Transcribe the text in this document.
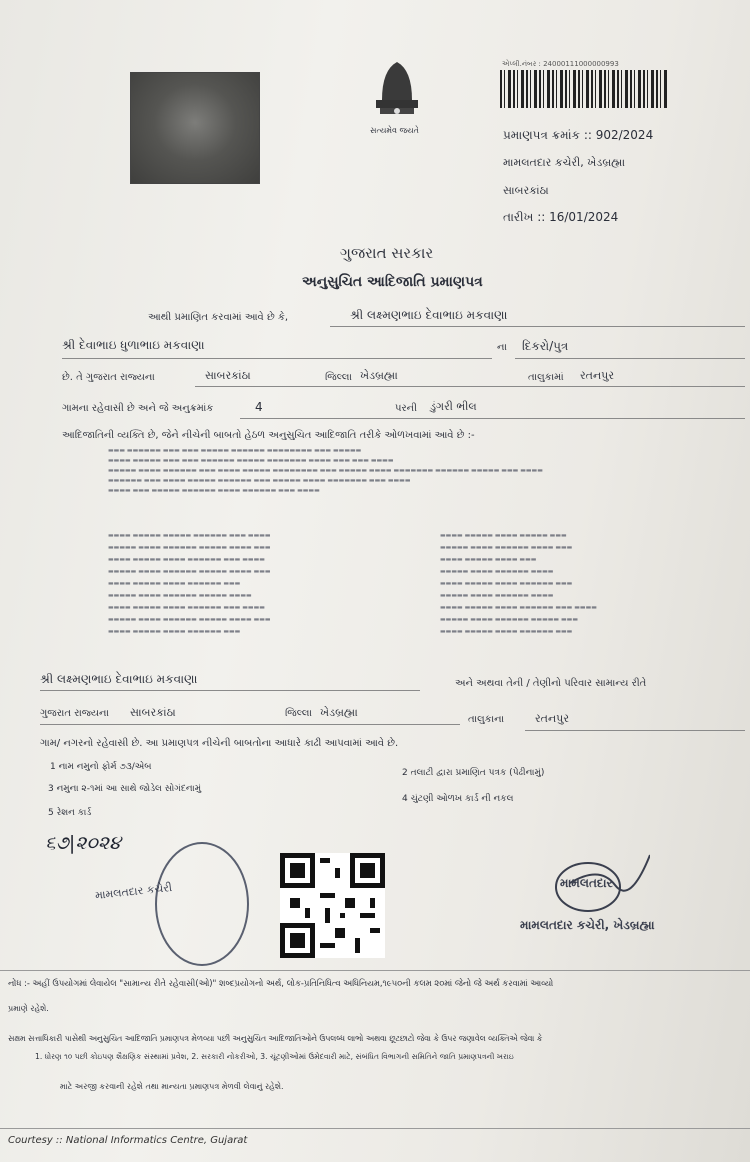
સત્યમેવ જયતે
એપ્લી.નંબર : 24000111000000993
પ્રમાણપત્ર ક્રમાંક :: 902/2024
મામલતદાર કચેરી, ખેડબ્રહ્મા
સાબરકાંઠા
તારીખ :: 16/01/2024
ગુજરાત સરકાર
અનુસુચિત આદિજાતિ પ્રમાણપત્ર
આથી પ્રમાણિત કરવામાં આવે છે કે,	શ્રી લક્ષ્મણભાઇ દેવાભાઇ મકવાણા
શ્રી દેવાભાઇ ધુળાભાઇ મકવાણા	ના દિકરો/પુત્ર
છે. તે ગુજરાત રાજ્યના	સાબરકાંઠા	જિલ્લા ખેડબ્રહ્મા	તાલુકામાં રતનપુર
ગામના રહેવાસી છે અને જે અનુક્રમાંક	4	પરની ડુંગરી ભીલ
આદિજાતિની વ્યક્તિ છે, જેને નીચેની બાબતો હેઠળ અનુસુચિત આદિજાતિ તરીકે ઓળખવામાં આવે છે :-
▬▬▬ ▬▬▬▬▬▬ ▬▬▬ ▬▬▬ ▬▬▬▬▬ ▬▬▬▬▬▬ ▬▬▬▬▬▬▬▬ ▬▬▬ ▬▬▬▬▬
▬▬▬▬ ▬▬▬▬▬ ▬▬▬ ▬▬▬ ▬▬▬▬▬▬ ▬▬▬▬▬ ▬▬▬▬▬▬▬ ▬▬▬▬ ▬▬▬ ▬▬▬ ▬▬▬▬
▬▬▬▬▬ ▬▬▬▬ ▬▬▬▬▬▬ ▬▬▬ ▬▬▬▬ ▬▬▬▬▬ ▬▬▬▬▬▬▬▬ ▬▬▬ ▬▬▬▬▬ ▬▬▬▬ ▬▬▬▬▬▬▬ ▬▬▬▬▬▬ ▬▬▬▬▬ ▬▬▬ ▬▬▬▬
▬▬▬▬▬▬ ▬▬▬ ▬▬▬▬ ▬▬▬▬▬ ▬▬▬▬▬▬ ▬▬▬ ▬▬▬▬▬ ▬▬▬▬ ▬▬▬▬▬▬▬ ▬▬▬ ▬▬▬▬
▬▬▬▬ ▬▬▬ ▬▬▬▬▬ ▬▬▬▬▬▬ ▬▬▬▬ ▬▬▬▬▬▬ ▬▬▬ ▬▬▬▬
▬▬▬▬ ▬▬▬▬▬ ▬▬▬▬▬ ▬▬▬▬▬▬ ▬▬▬ ▬▬▬▬
▬▬▬▬▬ ▬▬▬▬ ▬▬▬▬▬▬ ▬▬▬▬▬ ▬▬▬▬ ▬▬▬
▬▬▬▬ ▬▬▬▬▬ ▬▬▬▬ ▬▬▬▬▬▬ ▬▬▬ ▬▬▬▬
▬▬▬▬▬ ▬▬▬▬ ▬▬▬▬▬▬ ▬▬▬▬▬ ▬▬▬▬ ▬▬▬
▬▬▬▬ ▬▬▬▬▬ ▬▬▬▬ ▬▬▬▬▬▬ ▬▬▬
▬▬▬▬▬ ▬▬▬▬ ▬▬▬▬▬▬ ▬▬▬▬▬ ▬▬▬▬
▬▬▬▬ ▬▬▬▬▬ ▬▬▬▬ ▬▬▬▬▬▬ ▬▬▬ ▬▬▬▬
▬▬▬▬▬ ▬▬▬▬ ▬▬▬▬▬▬ ▬▬▬▬▬ ▬▬▬▬ ▬▬▬
▬▬▬▬ ▬▬▬▬▬ ▬▬▬▬ ▬▬▬▬▬▬ ▬▬▬
▬▬▬▬ ▬▬▬▬▬ ▬▬▬▬ ▬▬▬▬▬ ▬▬▬
▬▬▬▬▬ ▬▬▬▬ ▬▬▬▬▬▬ ▬▬▬▬ ▬▬▬
▬▬▬▬ ▬▬▬▬▬ ▬▬▬▬ ▬▬▬
▬▬▬▬▬ ▬▬▬▬ ▬▬▬▬▬▬ ▬▬▬▬
▬▬▬▬ ▬▬▬▬▬ ▬▬▬▬ ▬▬▬▬▬▬ ▬▬▬
▬▬▬▬▬ ▬▬▬▬ ▬▬▬▬▬▬ ▬▬▬▬
▬▬▬▬ ▬▬▬▬▬ ▬▬▬▬ ▬▬▬▬▬▬ ▬▬▬ ▬▬▬▬
▬▬▬▬▬ ▬▬▬▬ ▬▬▬▬▬▬ ▬▬▬▬▬ ▬▬▬
▬▬▬▬ ▬▬▬▬▬ ▬▬▬▬ ▬▬▬▬▬▬ ▬▬▬
શ્રી લક્ષ્મણભાઇ દેવાભાઇ મકવાણા	અને અથવા તેની / તેણીનો પરિવાર સામાન્ય રીતે
ગુજરાત રાજ્યના સાબરકાંઠા	જિલ્લા ખેડબ્રહ્મા
તાલુકાના	રતનપુર
ગામ/ નગરનો રહેવાસી છે. આ પ્રમાણપત્ર નીચેની બાબતોના આધારે કાઢી આપવામાં આવે છે.
1 નામ નમુનો ફોર્મ ૭૩/એબ
2 તલાટી દ્વારા પ્રમાણિત પત્રક (પેઢીનામું)
3 નમુના ૨-૧માં આ સાથે જોડેલ સોગંદનામું
4 ચુંટણી ઓળખ કાર્ડ ની નકલ
5 રેશન કાર્ડ
૬૭|૨૦૨૪
મામલતદાર કચેરી	મામલતદાર
મામલતદાર કચેરી, ખેડબ્રહ્મા
નોંધ :- અહીં ઉપયોગમાં લેવાયેલ "સામાન્ય રીતે રહેવાસી(ઓ)" શબ્દપ્રયોગનો અર્થ, લોક-પ્રતિનિધિત્વ અધિનિયમ,૧૯૫૦ની કલમ ૨૦માં જેનો જે અર્થ કરવામાં આવ્યો
પ્રમાણે રહેશે.
સક્ષમ સત્તાધિકારી પાસેથી અનુસુચિત આદિજાતિ પ્રમાણપત્ર મેળવ્યા પછી અનુસુચિત આદિજાતિઓને ઉપલબ્ધ લાભો અથવા છૂટછાટો જેવા કે ઉપર જણાવેલ વ્યક્તિએ જેવા કે
1. ધોરણ ૧૦ પછી કોઇપણ શૈક્ષણિક સંસ્થામાં પ્રવેશ, 2. સરકારી નોકરીઓ, 3. ચૂંટણીઓમાં ઉમેદવારી માટે, સંબંધિત વિભાગની સમિતિને જાતિ પ્રમાણપત્રની ખરાઇ
માટે અરજી કરવાની રહેશે તથા માન્યતા પ્રમાણપત્ર મેળવી લેવાનું રહેશે.
Courtesy :: National Informatics Centre, Gujarat
